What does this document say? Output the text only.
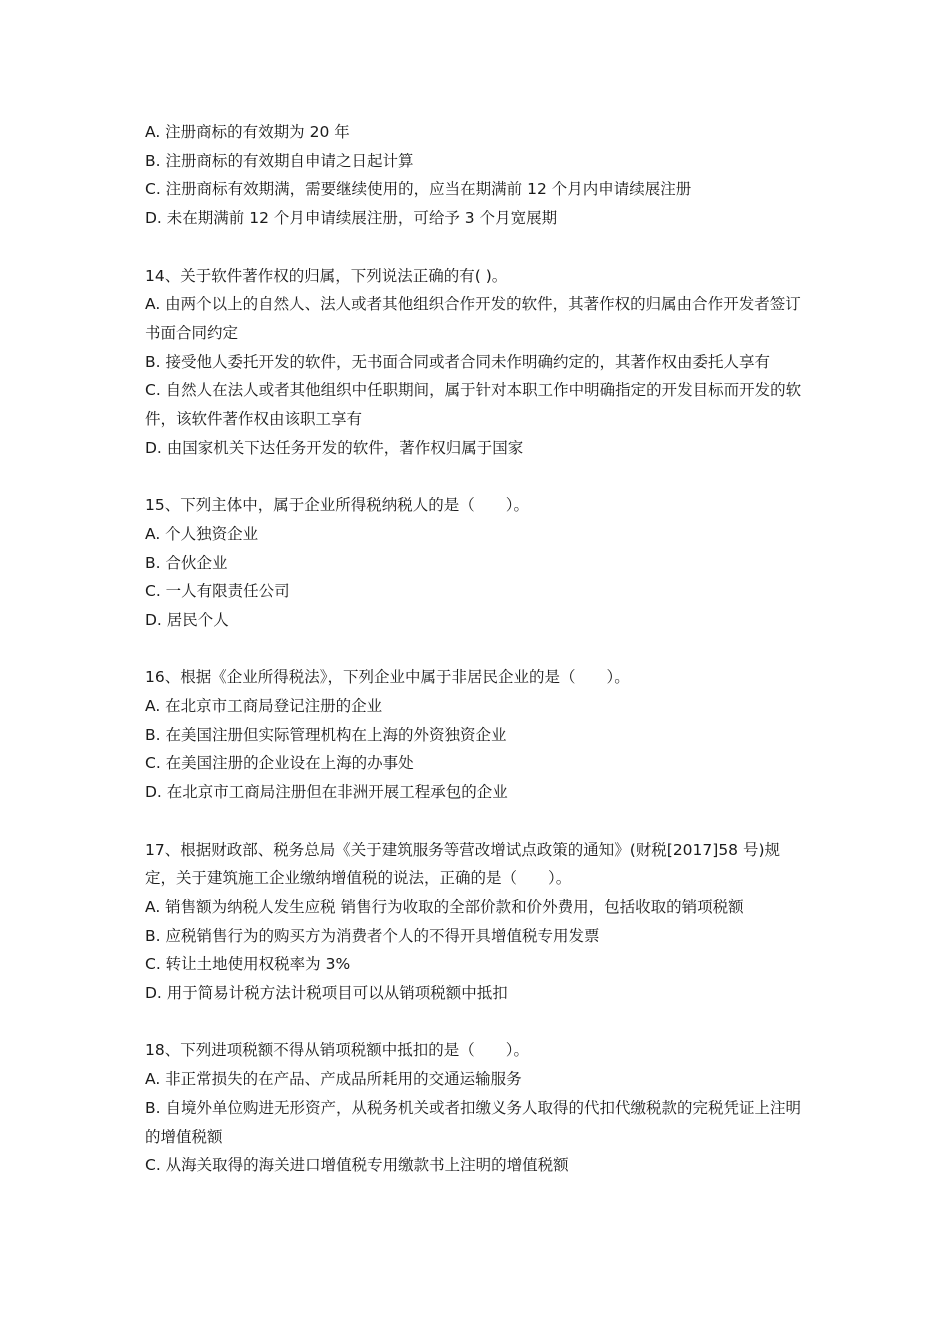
A. 注册商标的有效期为 20 年

B. 注册商标的有效期自申请之日起计算

C. 注册商标有效期满，需要继续使用的，应当在期满前 12 个月内申请续展注册

D. 未在期满前 12 个月申请续展注册，可给予 3 个月宽展期

14、关于软件著作权的归属，下列说法正确的有( )。

A. 由两个以上的自然人、法人或者其他组织合作开发的软件，其著作权的归属由合作开发者签订书面合同约定

B. 接受他人委托开发的软件，无书面合同或者合同未作明确约定的，其著作权由委托人享有

C. 自然人在法人或者其他组织中任职期间，属于针对本职工作中明确指定的开发目标而开发的软件，该软件著作权由该职工享有

D. 由国家机关下达任务开发的软件，著作权归属于国家

15、下列主体中，属于企业所得税纳税人的是（　　）。

A. 个人独资企业

B. 合伙企业

C. 一人有限责任公司

D. 居民个人

16、根据《企业所得税法》，下列企业中属于非居民企业的是（　　）。

A. 在北京市工商局登记注册的企业

B. 在美国注册但实际管理机构在上海的外资独资企业

C. 在美国注册的企业设在上海的办事处

D. 在北京市工商局注册但在非洲开展工程承包的企业

17、根据财政部、税务总局《关于建筑服务等营改增试点政策的通知》(财税[2017]58 号)规定，关于建筑施工企业缴纳增值税的说法，正确的是（　　）。

A. 销售额为纳税人发生应税 销售行为收取的全部价款和价外费用，包括收取的销项税额

B. 应税销售行为的购买方为消费者个人的不得开具增值税专用发票

C. 转让土地使用权税率为 3%

D. 用于简易计税方法计税项目可以从销项税额中抵扣

18、下列进项税额不得从销项税额中抵扣的是（　　）。

A. 非正常损失的在产品、产成品所耗用的交通运输服务

B. 自境外单位购进无形资产，从税务机关或者扣缴义务人取得的代扣代缴税款的完税凭证上注明的增值税额

C. 从海关取得的海关进口增值税专用缴款书上注明的增值税额
